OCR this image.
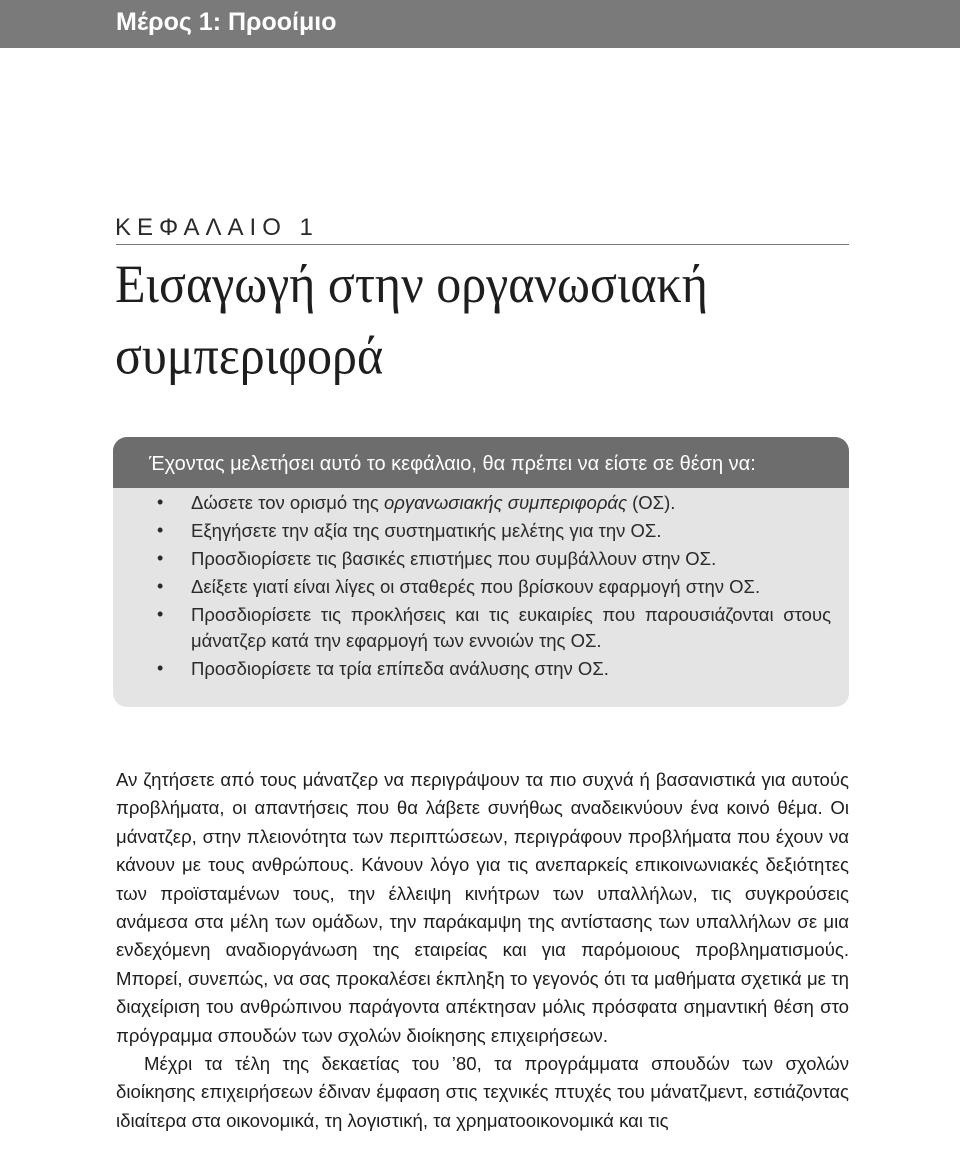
Μέρος 1: Προοίμιο
ΚΕΦΑΛΑΙΟ 1
Εισαγωγή στην οργανωσιακή συμπεριφορά
Έχοντας μελετήσει αυτό το κεφάλαιο, θα πρέπει να είστε σε θέση να:
• Δώσετε τον ορισμό της οργανωσιακής συμπεριφοράς (ΟΣ).
• Εξηγήσετε την αξία της συστηματικής μελέτης για την ΟΣ.
• Προσδιορίσετε τις βασικές επιστήμες που συμβάλλουν στην ΟΣ.
• Δείξετε γιατί είναι λίγες οι σταθερές που βρίσκουν εφαρμογή στην ΟΣ.
• Προσδιορίσετε τις προκλήσεις και τις ευκαιρίες που παρουσιάζονται στους μάνατζερ κατά την εφαρμογή των εννοιών της ΟΣ.
• Προσδιορίσετε τα τρία επίπεδα ανάλυσης στην ΟΣ.

Αν ζητήσετε από τους μάνατζερ να περιγράψουν τα πιο συχνά ή βασανιστικά για αυτούς προβλήματα, οι απαντήσεις που θα λάβετε συνήθως αναδεικνύουν ένα κοινό θέμα. Οι μάνατζερ, στην πλειονότητα των περιπτώσεων, περιγράφουν προβλήματα που έχουν να κάνουν με τους ανθρώπους. Κάνουν λόγο για τις ανεπαρκείς επικοινωνιακές δεξιότητες των προϊσταμένων τους, την έλλειψη κινήτρων των υπαλλήλων, τις συγκρούσεις ανάμεσα στα μέλη των ομάδων, την παράκαμψη της αντίστασης των υπαλλήλων σε μια ενδεχόμενη αναδιοργάνωση της εταιρείας και για παρόμοιους προβληματισμούς. Μπορεί, συνεπώς, να σας προκαλέσει έκπληξη το γεγονός ότι τα μαθήματα σχετικά με τη διαχείριση του ανθρώπινου παράγοντα απέκτησαν μόλις πρόσφατα σημαντική θέση στο πρόγραμμα σπουδών των σχολών διοίκησης επιχειρήσεων.

Μέχρι τα τέλη της δεκαετίας του ’80, τα προγράμματα σπουδών των σχολών διοίκησης επιχειρήσεων έδιναν έμφαση στις τεχνικές πτυχές του μάνατζμεντ, εστιάζοντας ιδιαίτερα στα οικονομικά, τη λογιστική, τα χρηματοοικονομικά και τις
